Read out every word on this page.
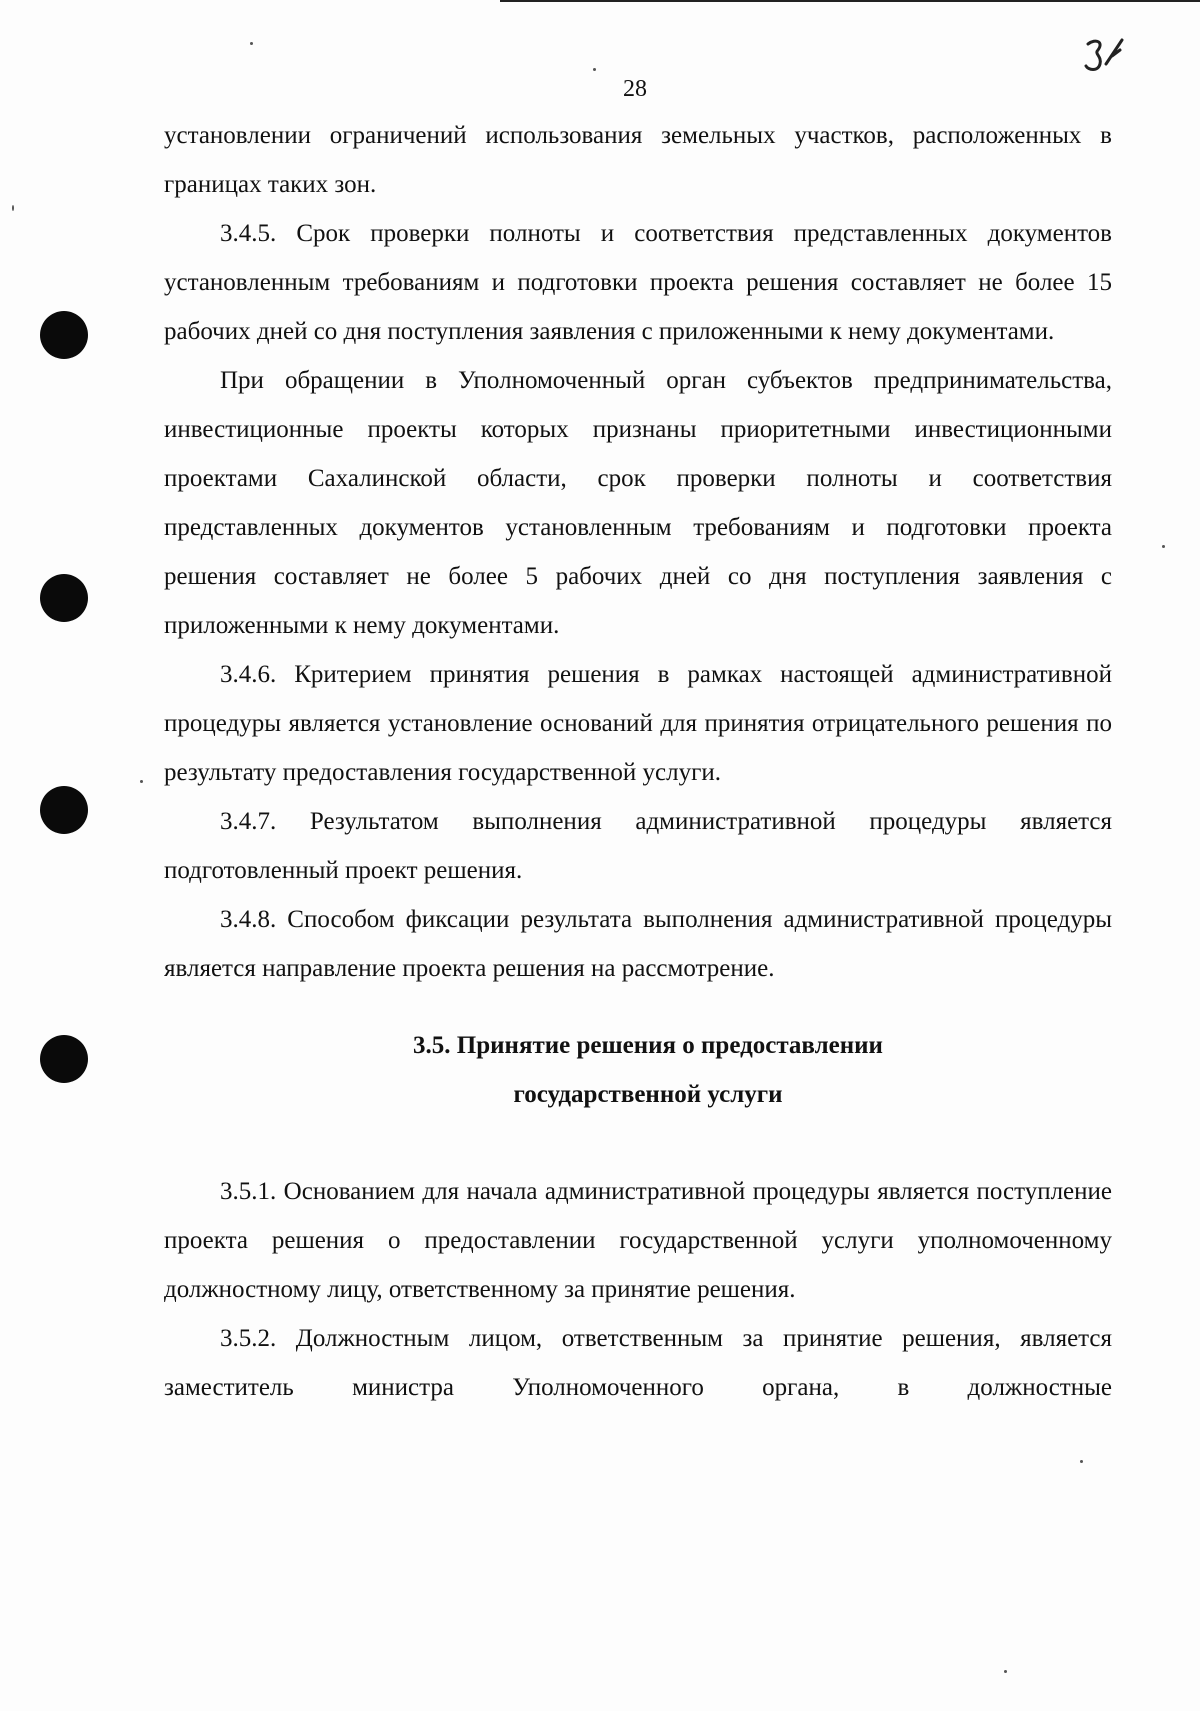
28

установлении ограничений использования земельных участков, расположенных в границах таких зон.

3.4.5. Срок проверки полноты и соответствия представленных документов установленным требованиям и подготовки проекта решения составляет не более 15 рабочих дней со дня поступления заявления с приложенными к нему документами.

При обращении в Уполномоченный орган субъектов предпринимательства, инвестиционные проекты которых признаны приоритетными инвестиционными проектами Сахалинской области, срок проверки полноты и соответствия представленных документов установленным требованиям и подготовки проекта решения составляет не более 5 рабочих дней со дня поступления заявления с приложенными к нему документами.

3.4.6. Критерием принятия решения в рамках настоящей административной процедуры является установление оснований для принятия отрицательного решения по результату предоставления государственной услуги.

3.4.7. Результатом выполнения административной процедуры является подготовленный проект решения.

3.4.8. Способом фиксации результата выполнения административной процедуры является направление проекта решения на рассмотрение.

3.5. Принятие решения о предоставлении
государственной услуги

3.5.1. Основанием для начала административной процедуры является поступление проекта решения о предоставлении государственной услуги уполномоченному должностному лицу, ответственному за принятие решения.

3.5.2. Должностным лицом, ответственным за принятие решения, является заместитель министра Уполномоченного органа, в должностные
